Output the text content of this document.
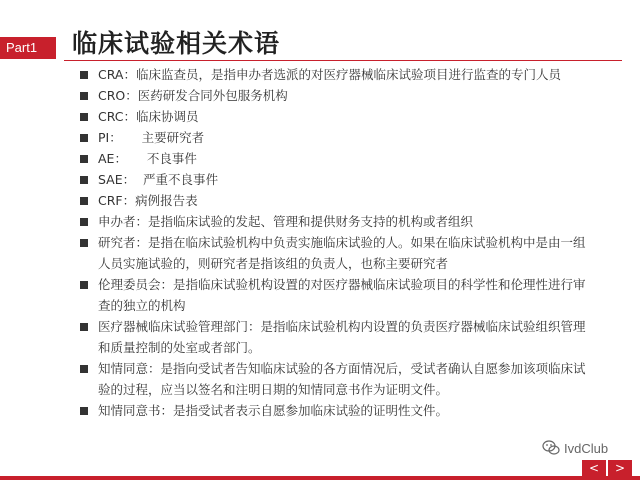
Part1	临床试验相关术语
CRA：临床监查员，是指申办者选派的对医疗器械临床试验项目进行监查的专门人员
CRO：医药研发合同外包服务机构
CRC：临床协调员
PI：     主要研究者
AE：     不良事件
SAE：  严重不良事件
CRF：病例报告表
申办者：是指临床试验的发起、管理和提供财务支持的机构或者组织
研究者：是指在临床试验机构中负责实施临床试验的人。如果在临床试验机构中是由一组人员实施试验的，则研究者是指该组的负责人，也称主要研究者
伦理委员会：是指临床试验机构设置的对医疗器械临床试验项目的科学性和伦理性进行审查的独立的机构
医疗器械临床试验管理部门：是指临床试验机构内设置的负责医疗器械临床试验组织管理和质量控制的处室或者部门。
知情同意：是指向受试者告知临床试验的各方面情况后，受试者确认自愿参加该项临床试验的过程，应当以签名和注明日期的知情同意书作为证明文件。
知情同意书：是指受试者表示自愿参加临床试验的证明性文件。
IvdClub
< >
